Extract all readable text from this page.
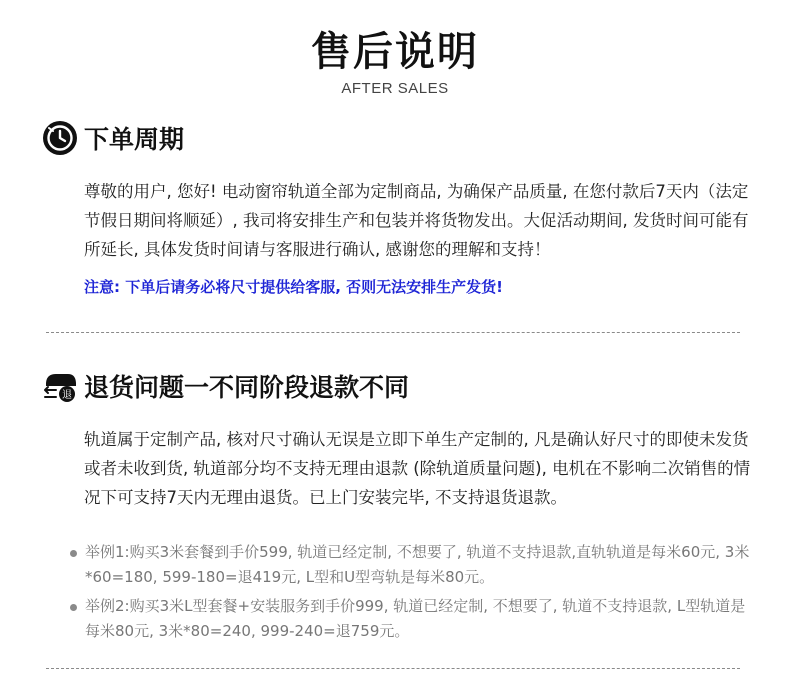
售后说明
AFTER SALES
下单周期

尊敬的用户, 您好! 电动窗帘轨道全部为定制商品, 为确保产品质量, 在您付款后7天内（法定节假日期间将顺延）, 我司将安排生产和包装并将货物发出。大促活动期间, 发货时间可能有所延长, 具体发货时间请与客服进行确认, 感谢您的理解和支持！

注意: 下单后请务必将尺寸提供给客服, 否则无法安排生产发货!

退 退货问题一不同阶段退款不同

轨道属于定制产品, 核对尺寸确认无误是立即下单生产定制的, 凡是确认好尺寸的即使未发货或者未收到货, 轨道部分均不支持无理由退款 (除轨道质量问题), 电机在不影响二次销售的情况下可支持7天内无理由退货。已上门安装完毕, 不支持退货退款。

举例1:购买3米套餐到手价599, 轨道已经定制, 不想要了, 轨道不支持退款,直轨轨道是每米60元, 3米*60=180, 599-180=退419元, L型和U型弯轨是每米80元。

举例2:购买3米L型套餐+安装服务到手价999, 轨道已经定制, 不想要了, 轨道不支持退款, L型轨道是每米80元, 3米*80=240, 999-240=退759元。
